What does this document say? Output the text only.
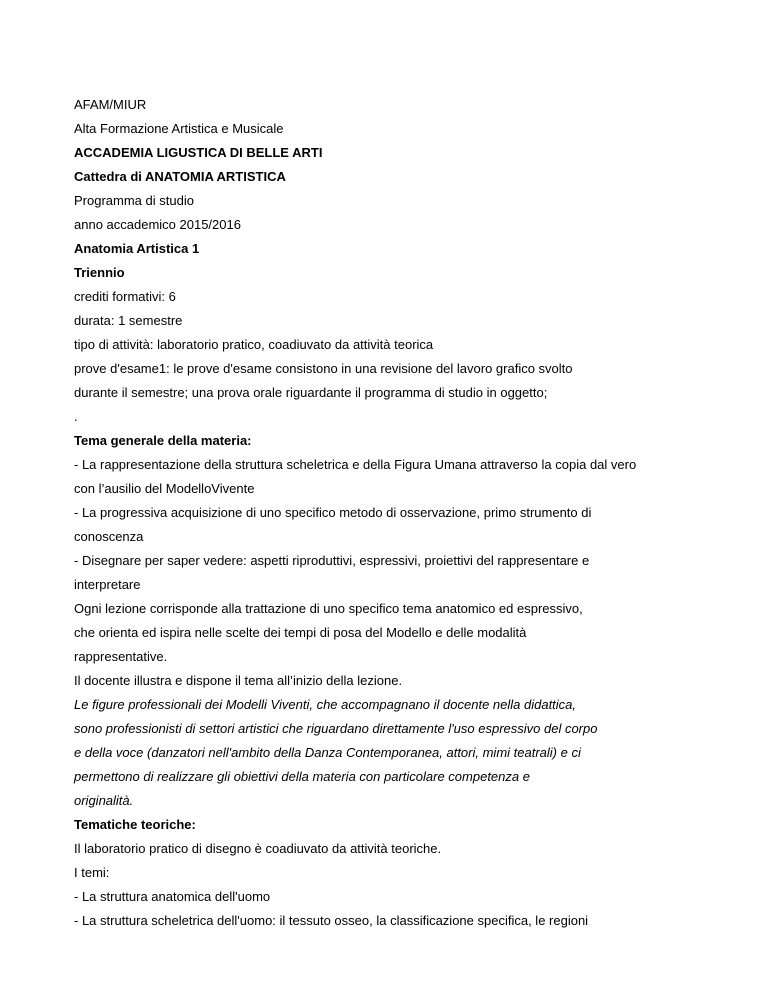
AFAM/MIUR
Alta Formazione Artistica e Musicale
ACCADEMIA LIGUSTICA DI BELLE ARTI
Cattedra di ANATOMIA ARTISTICA
Programma di studio
anno accademico 2015/2016
Anatomia Artistica 1
Triennio
crediti formativi: 6
durata: 1 semestre
tipo di attività: laboratorio pratico, coadiuvato da attività teorica
prove d'esame1: le prove d'esame consistono in una revisione del lavoro grafico svolto
durante il semestre; una prova orale riguardante il programma di studio in oggetto;
.
Tema generale della materia:
- La rappresentazione della struttura scheletrica e della Figura Umana attraverso la copia dal vero
con l’ausilio del ModelloVivente
- La progressiva acquisizione di uno specifico metodo di osservazione, primo strumento di
conoscenza
- Disegnare per saper vedere: aspetti riproduttivi, espressivi, proiettivi del rappresentare e
interpretare
Ogni lezione corrisponde alla trattazione di uno specifico tema anatomico ed espressivo,
che orienta ed ispira nelle scelte dei tempi di posa del Modello e delle modalità
rappresentative.
Il docente illustra e dispone il tema all’inizio della lezione.
Le figure professionali dei Modelli Viventi, che accompagnano il docente nella didattica,
sono professionisti di settori artistici che riguardano direttamente l'uso espressivo del corpo
e della voce (danzatori nell'ambito della Danza Contemporanea, attori, mimi teatrali) e ci
permettono di realizzare gli obiettivi della materia con particolare competenza e
originalità.
Tematiche teoriche:
Il laboratorio pratico di disegno è coadiuvato da attività teoriche.
I temi:
- La struttura anatomica dell'uomo
- La struttura scheletrica dell'uomo: il tessuto osseo, la classificazione specifica, le regioni
